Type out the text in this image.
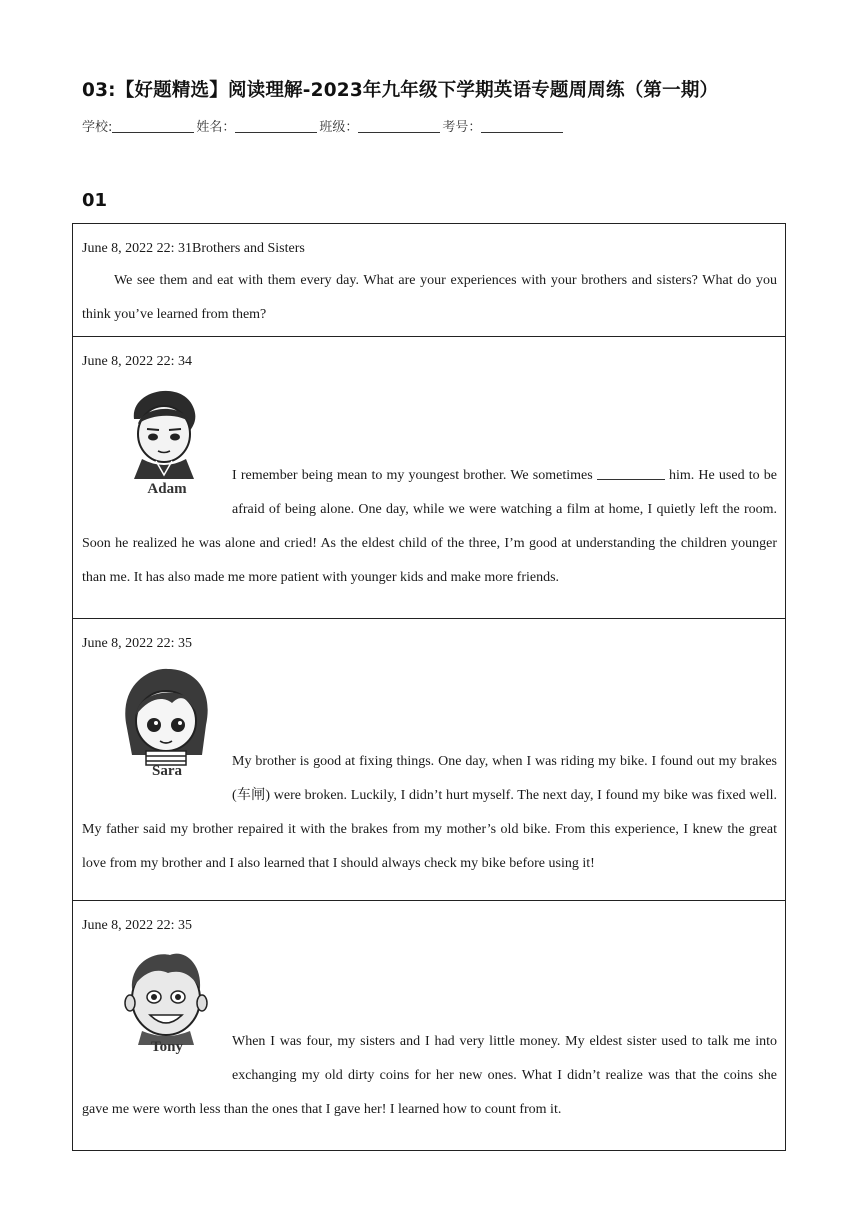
03:【好题精选】阅读理解-2023年九年级下学期英语专题周周练（第一期）
学校:	姓名：	班级：	考号：
01
June 8, 2022 22: 31Brothers and Sisters
We see them and eat with them every day. What are your experiences with your brothers and sisters? What do you think you’ve learned from them?
June 8, 2022 22: 34
Adam
I remember being mean to my youngest brother. We sometimes	him. He used to be afraid of being alone. One day, while we were watching a film at home, I quietly left the room. Soon he realized he was alone and cried! As the eldest child of the three, I’m good at understanding the children younger than me. It has also made me more patient with younger kids and make more friends.
June 8, 2022 22: 35
Sara
My brother is good at fixing things. One day, when I was riding my bike. I found out my brakes (车闸) were broken. Luckily, I didn’t hurt myself. The next day, I found my bike was fixed well. My father said my brother repaired it with the brakes from my mother’s old bike. From this experience, I knew the great love from my brother and I also learned that I should always check my bike before using it!
June 8, 2022 22: 35
Tony	When I was four, my sisters and I had very little money. My eldest sister used to talk me into exchanging my old dirty coins for her new ones. What I didn’t realize was that the coins she gave me were worth less than the ones that I gave her! I learned how to count from it.
